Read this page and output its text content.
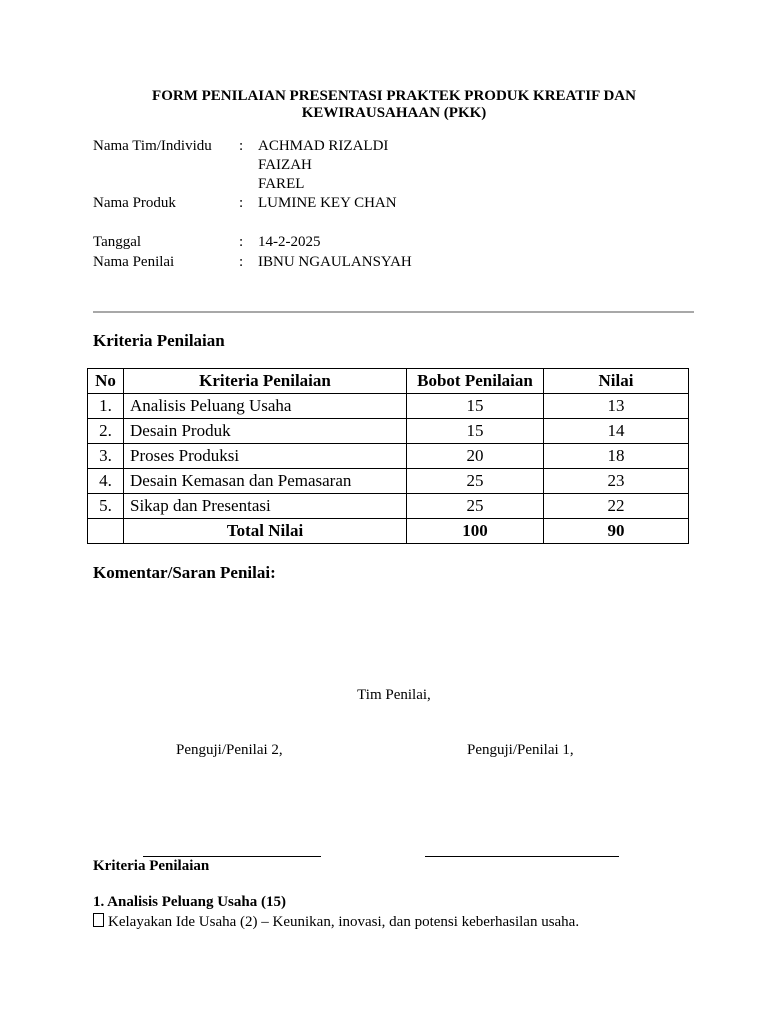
FORM PENILAIAN PRESENTASI PRAKTEK PRODUK KREATIF DAN
KEWIRAUSAHAAN (PKK)
Nama Tim/Individu : ACHMAD RIZALDI
FAIZAH
FAREL
Nama Produk	: LUMINE KEY CHAN
Tanggal	: 14-2-2025
Nama Penilai	: IBNU NGAULANSYAH
Kriteria Penilaian
No	Kriteria Penilaian	Bobot Penilaian	Nilai
1.	Analisis Peluang Usaha	15	13
2.	Desain Produk	15	14
3.	Proses Produksi	20	18
4.	Desain Kemasan dan Pemasaran	25	23
5.	Sikap dan Presentasi	25	22
	Total Nilai	100	90
Komentar/Saran Penilai:
Tim Penilai,
Penguji/Penilai 2,	Penguji/Penilai 1,
Kriteria Penilaian
1. Analisis Peluang Usaha (15)
Kelayakan Ide Usaha (2) – Keunikan, inovasi, dan potensi keberhasilan usaha.
